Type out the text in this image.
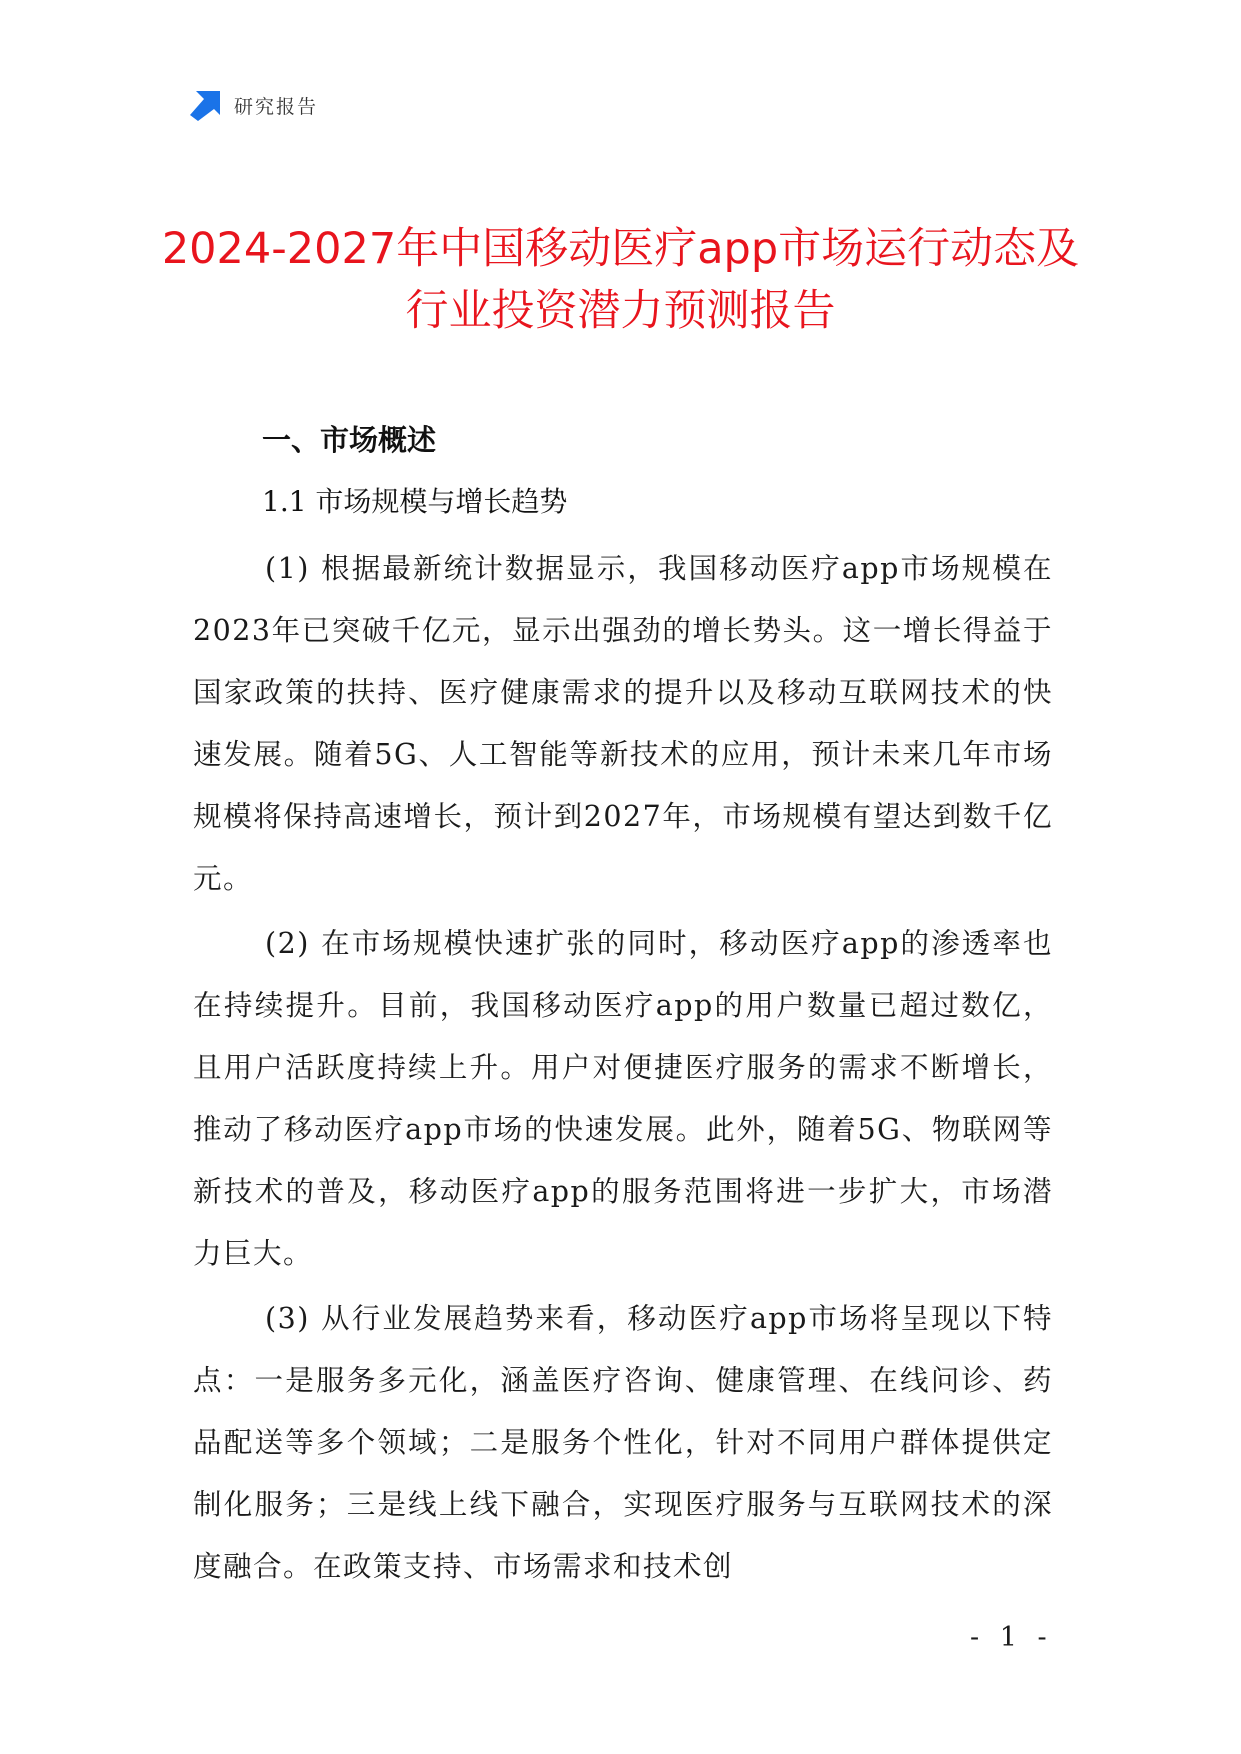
研究报告
2024-2027年中国移动医疗app市场运行动态及行业投资潜力预测报告
一、市场概述
1.1 市场规模与增长趋势

(1) 根据最新统计数据显示，我国移动医疗app市场规模在2023年已突破千亿元，显示出强劲的增长势头。这一增长得益于国家政策的扶持、医疗健康需求的提升以及移动互联网技术的快速发展。随着5G、人工智能等新技术的应用，预计未来几年市场规模将保持高速增长，预计到2027年，市场规模有望达到数千亿元。

(2) 在市场规模快速扩张的同时，移动医疗app的渗透率也在持续提升。目前，我国移动医疗app的用户数量已超过数亿，且用户活跃度持续上升。用户对便捷医疗服务的需求不断增长，推动了移动医疗app市场的快速发展。此外，随着5G、物联网等新技术的普及，移动医疗app的服务范围将进一步扩大，市场潜力巨大。

(3) 从行业发展趋势来看，移动医疗app市场将呈现以下特点：一是服务多元化，涵盖医疗咨询、健康管理、在线问诊、药品配送等多个领域；二是服务个性化，针对不同用户群体提供定制化服务；三是线上线下融合，实现医疗服务与互联网技术的深度融合。在政策支持、市场需求和技术创

- 1 -
